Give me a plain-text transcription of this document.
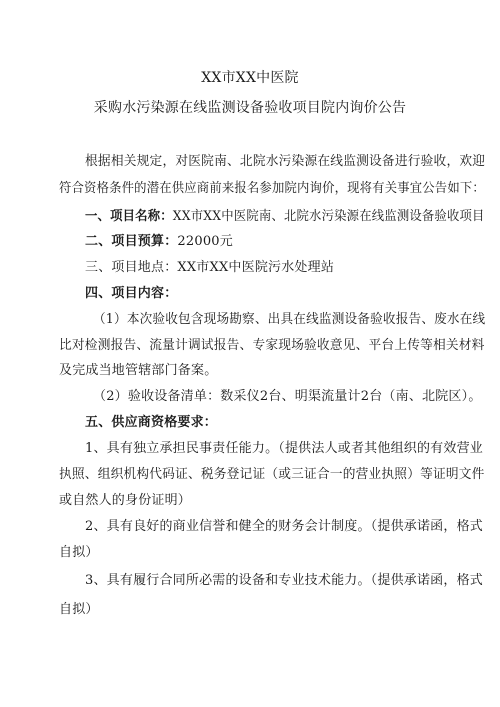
XX市XX中医院
采购水污染源在线监测设备验收项目院内询价公告
根据相关规定，对医院南、北院水污染源在线监测设备进行验收，欢迎
符合资格条件的潜在供应商前来报名参加院内询价，现将有关事宜公告如下：
一、项目名称：XX市XX中医院南、北院水污染源在线监测设备验收项目
二、项目预算：22000元
三、项目地点：XX市XX中医院污水处理站
四、项目内容：
（1）本次验收包含现场勘察、出具在线监测设备验收报告、废水在线
比对检测报告、流量计调试报告、专家现场验收意见、平台上传等相关材料
及完成当地管辖部门备案。
（2）验收设备清单：数采仪2台、明渠流量计2台（南、北院区）。
五、供应商资格要求：
1、具有独立承担民事责任能力。（提供法人或者其他组织的有效营业
执照、组织机构代码证、税务登记证（或三证合一的营业执照）等证明文件
或自然人的身份证明）
2、具有良好的商业信誉和健全的财务会计制度。（提供承诺函，格式
自拟）
3、具有履行合同所必需的设备和专业技术能力。（提供承诺函，格式
自拟）
